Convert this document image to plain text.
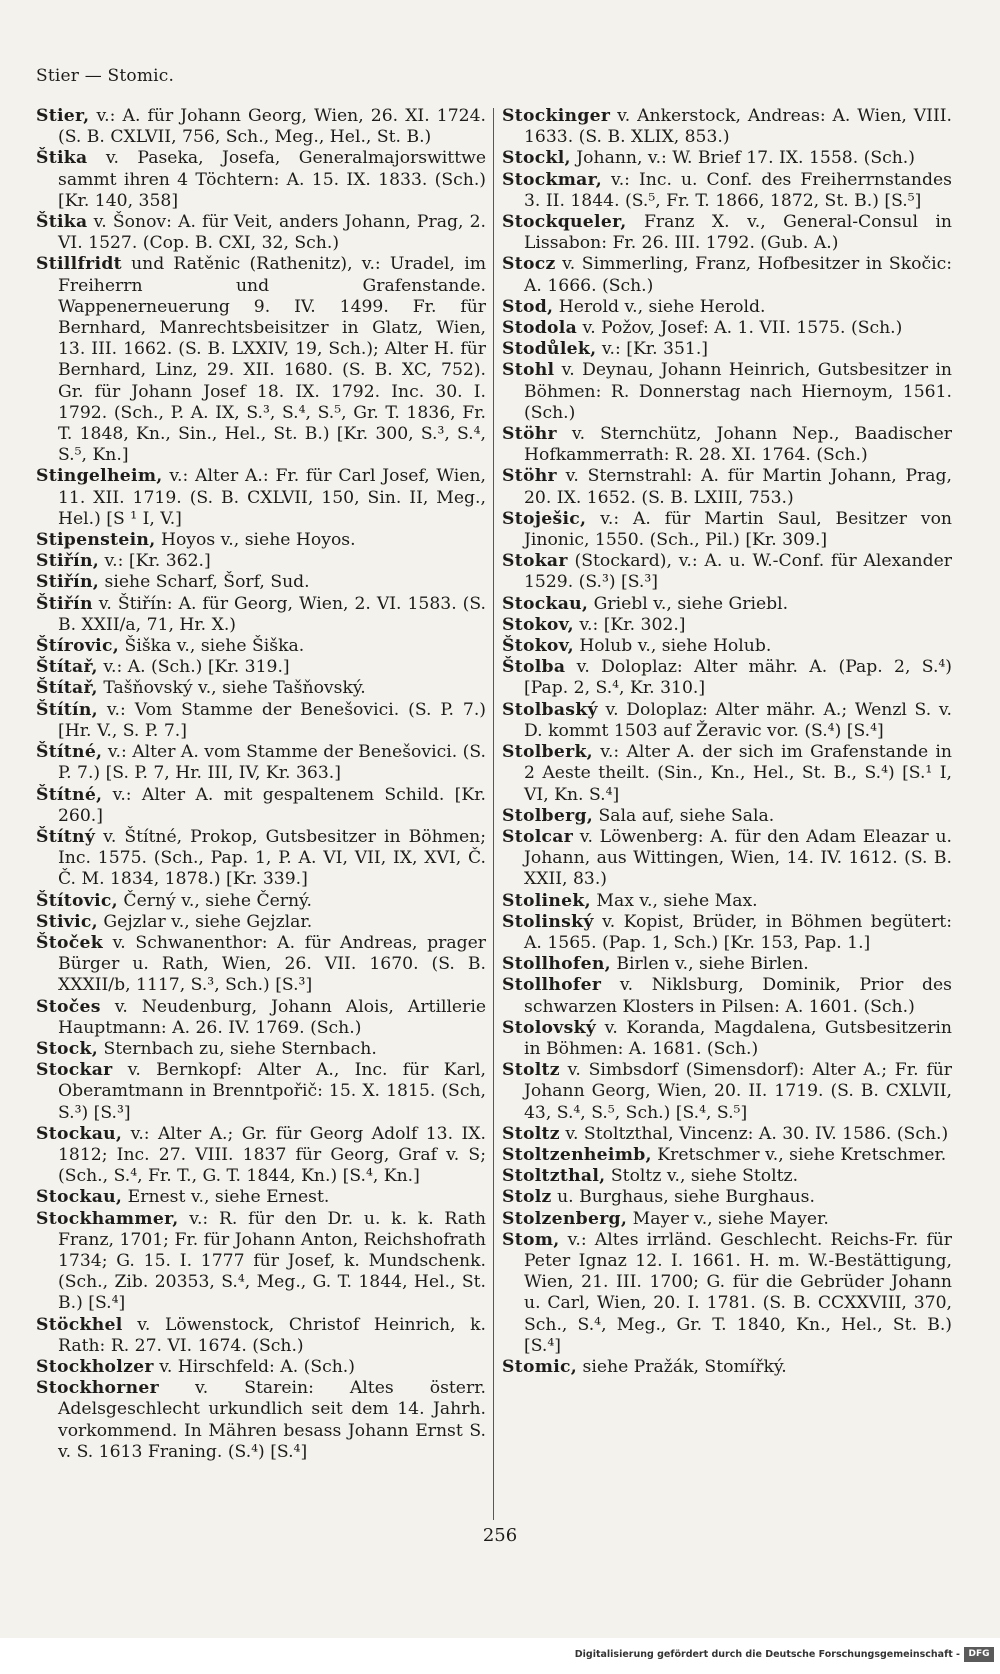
Stier — Stomic.

Stier, v.: A. für Johann Georg, Wien, 26. XI. 1724. (S. B. CXLVII, 756, Sch., Meg., Hel., St. B.)

Štika v. Paseka, Josefa, Generalmajorswittwe sammt ihren 4 Töchtern: A. 15. IX. 1833. (Sch.) [Kr. 140, 358]

Štika v. Šonov: A. für Veit, anders Johann, Prag, 2. VI. 1527. (Cop. B. CXI, 32, Sch.)

Stillfridt und Ratěnic (Rathenitz), v.: Uradel, im Freiherrn und Grafenstande. Wappenerneuerung 9. IV. 1499. Fr. für Bernhard, Manrechtsbeisitzer in Glatz, Wien, 13. III. 1662. (S. B. LXXIV, 19, Sch.); Alter H. für Bernhard, Linz, 29. XII. 1680. (S. B. XC, 752). Gr. für Johann Josef 18. IX. 1792. Inc. 30. I. 1792. (Sch., P. A. IX, S.³, S.⁴, S.⁵, Gr. T. 1836, Fr. T. 1848, Kn., Sin., Hel., St. B.) [Kr. 300, S.³, S.⁴, S.⁵, Kn.]

Stingelheim, v.: Alter A.: Fr. für Carl Josef, Wien, 11. XII. 1719. (S. B. CXLVII, 150, Sin. II, Meg., Hel.) [S ¹ I, V.]

Stipenstein, Hoyos v., siehe Hoyos.

Stiřín, v.: [Kr. 362.]

Stiřín, siehe Scharf, Šorf, Sud.

Štiřín v. Štiřín: A. für Georg, Wien, 2. VI. 1583. (S. B. XXII/a, 71, Hr. X.)

Štírovic, Šiška v., siehe Šiška.

Štítař, v.: A. (Sch.) [Kr. 319.]

Štítař, Tašňovský v., siehe Tašňovský.

Štítín, v.: Vom Stamme der Benešovici. (S. P. 7.) [Hr. V., S. P. 7.]

Štítné, v.: Alter A. vom Stamme der Benešovici. (S. P. 7.) [S. P. 7, Hr. III, IV, Kr. 363.]

Štítné, v.: Alter A. mit gespaltenem Schild. [Kr. 260.]

Štítný v. Štítné, Prokop, Gutsbesitzer in Böhmen; Inc. 1575. (Sch., Pap. 1, P. A. VI, VII, IX, XVI, Č. Č. M. 1834, 1878.) [Kr. 339.]

Štítovic, Černý v., siehe Černý.

Stivic, Gejzlar v., siehe Gejzlar.

Štoček v. Schwanenthor: A. für Andreas, prager Bürger u. Rath, Wien, 26. VII. 1670. (S. B. XXXII/b, 1117, S.³, Sch.) [S.³]

Stočes v. Neudenburg, Johann Alois, Artillerie Hauptmann: A. 26. IV. 1769. (Sch.)

Stock, Sternbach zu, siehe Sternbach.

Stockar v. Bernkopf: Alter A., Inc. für Karl, Oberamtmann in Brenntpořič: 15. X. 1815. (Sch, S.³) [S.³]

Stockau, v.: Alter A.; Gr. für Georg Adolf 13. IX. 1812; Inc. 27. VIII. 1837 für Georg, Graf v. S; (Sch., S.⁴, Fr. T., G. T. 1844, Kn.) [S.⁴, Kn.]

Stockau, Ernest v., siehe Ernest.

Stockhammer, v.: R. für den Dr. u. k. k. Rath Franz, 1701; Fr. für Johann Anton, Reichshofrath 1734; G. 15. I. 1777 für Josef, k. Mundschenk. (Sch., Zib. 20353, S.⁴, Meg., G. T. 1844, Hel., St. B.) [S.⁴]

Stöckhel v. Löwenstock, Christof Heinrich, k. Rath: R. 27. VI. 1674. (Sch.)

Stockholzer v. Hirschfeld: A. (Sch.)

Stockhorner v. Starein: Altes österr. Adelsgeschlecht urkundlich seit dem 14. Jahrh. vorkommend. In Mähren besass Johann Ernst S. v. S. 1613 Franing. (S.⁴) [S.⁴]

Stockinger v. Ankerstock, Andreas: A. Wien, VIII. 1633. (S. B. XLIX, 853.)

Stockl, Johann, v.: W. Brief 17. IX. 1558. (Sch.)

Stockmar, v.: Inc. u. Conf. des Freiherrnstandes 3. II. 1844. (S.⁵, Fr. T. 1866, 1872, St. B.) [S.⁵]

Stockqueler, Franz X. v., General-Consul in Lissabon: Fr. 26. III. 1792. (Gub. A.)

Stocz v. Simmerling, Franz, Hofbesitzer in Skočic: A. 1666. (Sch.)

Stod, Herold v., siehe Herold.

Stodola v. Požov, Josef: A. 1. VII. 1575. (Sch.)

Stodůlek, v.: [Kr. 351.]

Stohl v. Deynau, Johann Heinrich, Gutsbesitzer in Böhmen: R. Donnerstag nach Hiernoym, 1561. (Sch.)

Stöhr v. Sternchütz, Johann Nep., Baadischer Hofkammerrath: R. 28. XI. 1764. (Sch.)

Stöhr v. Sternstrahl: A. für Martin Johann, Prag, 20. IX. 1652. (S. B. LXIII, 753.)

Stoješic, v.: A. für Martin Saul, Besitzer von Jinonic, 1550. (Sch., Pil.) [Kr. 309.]

Stokar (Stockard), v.: A. u. W.-Conf. für Alexander 1529. (S.³) [S.³]

Stockau, Griebl v., siehe Griebl.

Stokov, v.: [Kr. 302.]

Štokov, Holub v., siehe Holub.

Štolba v. Doloplaz: Alter mähr. A. (Pap. 2, S.⁴) [Pap. 2, S.⁴, Kr. 310.]

Stolbaský v. Doloplaz: Alter mähr. A.; Wenzl S. v. D. kommt 1503 auf Žeravic vor. (S.⁴) [S.⁴]

Stolberk, v.: Alter A. der sich im Grafenstande in 2 Aeste theilt. (Sin., Kn., Hel., St. B., S.⁴) [S.¹ I, VI, Kn. S.⁴]

Stolberg, Sala auf, siehe Sala.

Stolcar v. Löwenberg: A. für den Adam Eleazar u. Johann, aus Wittingen, Wien, 14. IV. 1612. (S. B. XXII, 83.)

Stolinek, Max v., siehe Max.

Stolinský v. Kopist, Brüder, in Böhmen begütert: A. 1565. (Pap. 1, Sch.) [Kr. 153, Pap. 1.]

Stollhofen, Birlen v., siehe Birlen.

Stollhofer v. Niklsburg, Dominik, Prior des schwarzen Klosters in Pilsen: A. 1601. (Sch.)

Stolovský v. Koranda, Magdalena, Gutsbesitzerin in Böhmen: A. 1681. (Sch.)

Stoltz v. Simbsdorf (Simensdorf): Alter A.; Fr. für Johann Georg, Wien, 20. II. 1719. (S. B. CXLVII, 43, S.⁴, S.⁵, Sch.) [S.⁴, S.⁵]

Stoltz v. Stoltzthal, Vincenz: A. 30. IV. 1586. (Sch.)

Stoltzenheimb, Kretschmer v., siehe Kretschmer.

Stoltzthal, Stoltz v., siehe Stoltz.

Stolz u. Burghaus, siehe Burghaus.

Stolzenberg, Mayer v., siehe Mayer.

Stom, v.: Altes irrländ. Geschlecht. Reichs-Fr. für Peter Ignaz 12. I. 1661. H. m. W.-Bestättigung, Wien, 21. III. 1700; G. für die Gebrüder Johann u. Carl, Wien, 20. I. 1781. (S. B. CCXXVIII, 370, Sch., S.⁴, Meg., Gr. T. 1840, Kn., Hel., St. B.) [S.⁴]

Stomic, siehe Pražák, Stomířký.

256
Digitalisierung gefördert durch die Deutsche Forschungsgemeinschaft - DFG
